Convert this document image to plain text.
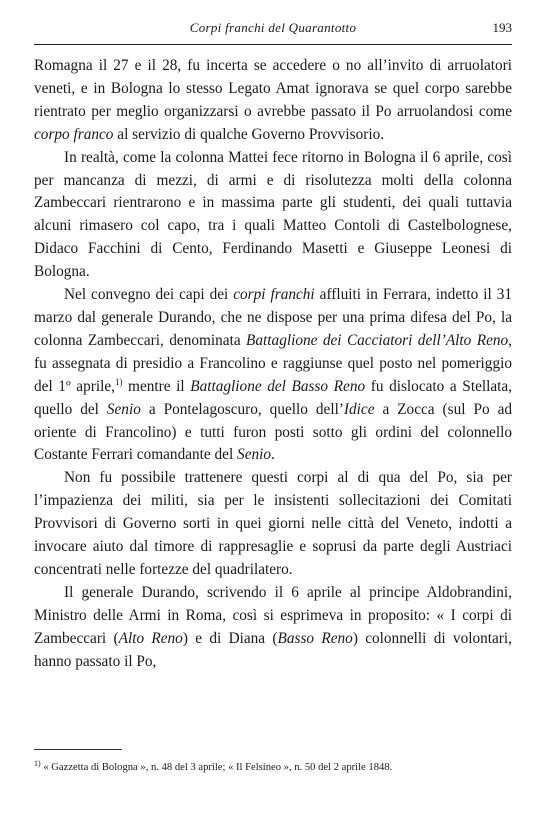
Corpi franchi del Quarantotto	193

Romagna il 27 e il 28, fu incerta se accedere o no all’invito di arruolatori veneti, e in Bologna lo stesso Legato Amat ignorava se quel corpo sarebbe rientrato per meglio organizzarsi o avrebbe passato il Po arruolandosi come corpo franco al servizio di qualche Governo Provvisorio.

In realtà, come la colonna Mattei fece ritorno in Bologna il 6 aprile, così per mancanza di mezzi, di armi e di risolutezza molti della colonna Zambeccari rientrarono e in massima parte gli studenti, dei quali tuttavia alcuni rimasero col capo, tra i quali Matteo Contoli di Castelbolognese, Didaco Facchini di Cento, Ferdinando Masetti e Giuseppe Leonesi di Bologna.

Nel convegno dei capi dei corpi franchi affluiti in Ferrara, indetto il 31 marzo dal generale Durando, che ne dispose per una prima difesa del Po, la colonna Zambeccari, denominata Battaglione dei Cacciatori dell’Alto Reno, fu assegnata di presidio a Francolino e raggiunse quel posto nel pomeriggio del 1º aprile,$^{1)}$ mentre il Battaglione del Basso Reno fu dislocato a Stellata, quello del Senio a Pontelagoscuro, quello dell’Idice a Zocca (sul Po ad oriente di Francolino) e tutti furon posti sotto gli ordini del colonnello Costante Ferrari comandante del Senio.

Non fu possibile trattenere questi corpi al di qua del Po, sia per l’impazienza dei militi, sia per le insistenti sollecitazioni dei Comitati Provvisori di Governo sorti in quei giorni nelle città del Veneto, indotti a invocare aiuto dal timore di rappresaglie e soprusi da parte degli Austriaci concentrati nelle fortezze del quadrilatero.

Il generale Durando, scrivendo il 6 aprile al principe Aldobrandini, Ministro delle Armi in Roma, così si esprimeva in proposito: « I corpi di Zambeccari (Alto Reno) e di Diana (Basso Reno) colonnelli di volontari, hanno passato il Po,

$^{1)}$ « Gazzetta di Bologna », n. 48 del 3 aprile; « Il Felsineo », n. 50 del 2 aprile 1848.
